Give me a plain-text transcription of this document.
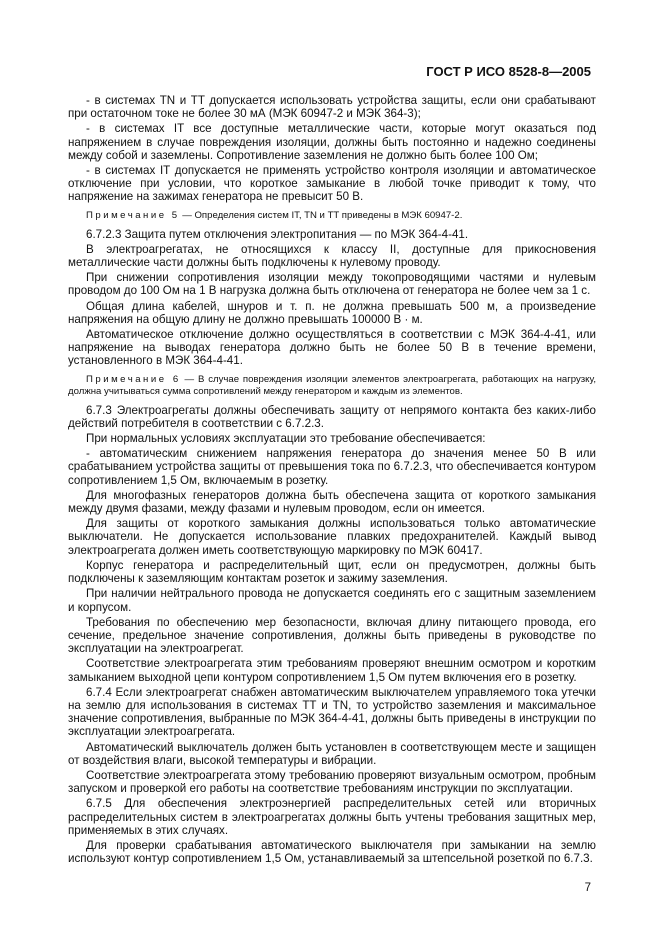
ГОСТ Р ИСО 8528-8—2005

- в системах TN и TT допускается использовать устройства защиты, если они срабатывают при остаточном токе не более 30 мА (МЭК 60947-2 и МЭК 364-3);

- в системах IT все доступные металлические части, которые могут оказаться под напряжением в случае повреждения изоляции, должны быть постоянно и надежно соединены между собой и заземлены. Сопротивление заземления не должно быть более 100 Ом;

- в системах IT допускается не применять устройство контроля изоляции и автоматическое отключение при условии, что короткое замыкание в любой точке приводит к тому, что напряжение на зажимах генератора не превысит 50 В.

Примечание 5 — Определения систем IT, TN и TT приведены в МЭК 60947-2.

6.7.2.3 Защита путем отключения электропитания — по МЭК 364-4-41.

В электроагрегатах, не относящихся к классу II, доступные для прикосновения металлические части должны быть подключены к нулевому проводу.

При снижении сопротивления изоляции между токопроводящими частями и нулевым проводом до 100 Ом на 1 В нагрузка должна быть отключена от генератора не более чем за 1 с.

Общая длина кабелей, шнуров и т. п. не должна превышать 500 м, а произведение напряжения на общую длину не должно превышать 100000 В · м.

Автоматическое отключение должно осуществляться в соответствии с МЭК 364-4-41, или напряжение на выводах генератора должно быть не более 50 В в течение времени, установленного в МЭК 364-4-41.

Примечание 6 — В случае повреждения изоляции элементов электроагрегата, работающих на нагрузку, должна учитываться сумма сопротивлений между генератором и каждым из элементов.

6.7.3 Электроагрегаты должны обеспечивать защиту от непрямого контакта без каких-либо действий потребителя в соответствии с 6.7.2.3.

При нормальных условиях эксплуатации это требование обеспечивается:

- автоматическим снижением напряжения генератора до значения менее 50 В или срабатыванием устройства защиты от превышения тока по 6.7.2.3, что обеспечивается контуром сопротивлением 1,5 Ом, включаемым в розетку.

Для многофазных генераторов должна быть обеспечена защита от короткого замыкания между двумя фазами, между фазами и нулевым проводом, если он имеется.

Для защиты от короткого замыкания должны использоваться только автоматические выключатели. Не допускается использование плавких предохранителей. Каждый вывод электроагрегата должен иметь соответствующую маркировку по МЭК 60417.

Корпус генератора и распределительный щит, если он предусмотрен, должны быть подключены к заземляющим контактам розеток и зажиму заземления.

При наличии нейтрального провода не допускается соединять его с защитным заземлением и корпусом.

Требования по обеспечению мер безопасности, включая длину питающего провода, его сечение, предельное значение сопротивления, должны быть приведены в руководстве по эксплуатации на электроагрегат.

Соответствие электроагрегата этим требованиям проверяют внешним осмотром и коротким замыканием выходной цепи контуром сопротивлением 1,5 Ом путем включения его в розетку.

6.7.4 Если электроагрегат снабжен автоматическим выключателем управляемого тока утечки на землю для использования в системах TT и TN, то устройство заземления и максимальное значение сопротивления, выбранные по МЭК 364-4-41, должны быть приведены в инструкции по эксплуатации электроагрегата.

Автоматический выключатель должен быть установлен в соответствующем месте и защищен от воздействия влаги, высокой температуры и вибрации.

Соответствие электроагрегата этому требованию проверяют визуальным осмотром, пробным запуском и проверкой его работы на соответствие требованиям инструкции по эксплуатации.

6.7.5 Для обеспечения электроэнергией распределительных сетей или вторичных распределительных систем в электроагрегатах должны быть учтены требования защитных мер, применяемых в этих случаях.

Для проверки срабатывания автоматического выключателя при замыкании на землю используют контур сопротивлением 1,5 Ом, устанавливаемый за штепсельной розеткой по 6.7.3.

7
